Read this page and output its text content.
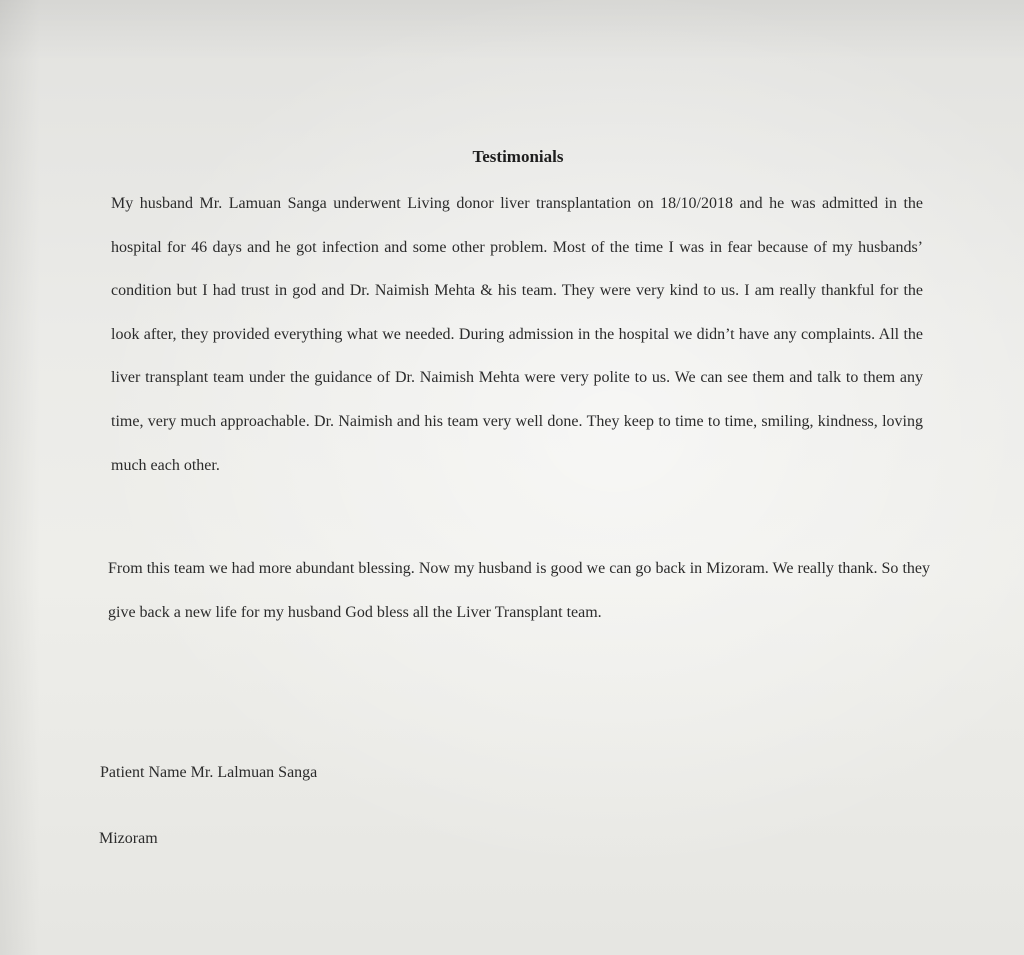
Testimonials

My husband Mr. Lamuan Sanga underwent Living donor liver transplantation on 18/10/2018 and he was admitted in the hospital for 46 days and he got infection and some other problem. Most of the time I was in fear because of my husbands’ condition but I had trust in god and Dr. Naimish Mehta & his team. They were very kind to us. I am really thankful for the look after, they provided everything what we needed. During admission in the hospital we didn’t have any complaints. All the liver transplant team under the guidance of Dr. Naimish Mehta were very polite to us. We can see them and talk to them any time, very much approachable. Dr. Naimish and his team very well done. They keep to time to time, smiling, kindness, loving much each other.

From this team we had more abundant blessing. Now my husband is good we can go back in Mizoram. We really thank. So they give back a new life for my husband God bless all the Liver Transplant team.

Patient Name Mr. Lalmuan Sanga
Mizoram
